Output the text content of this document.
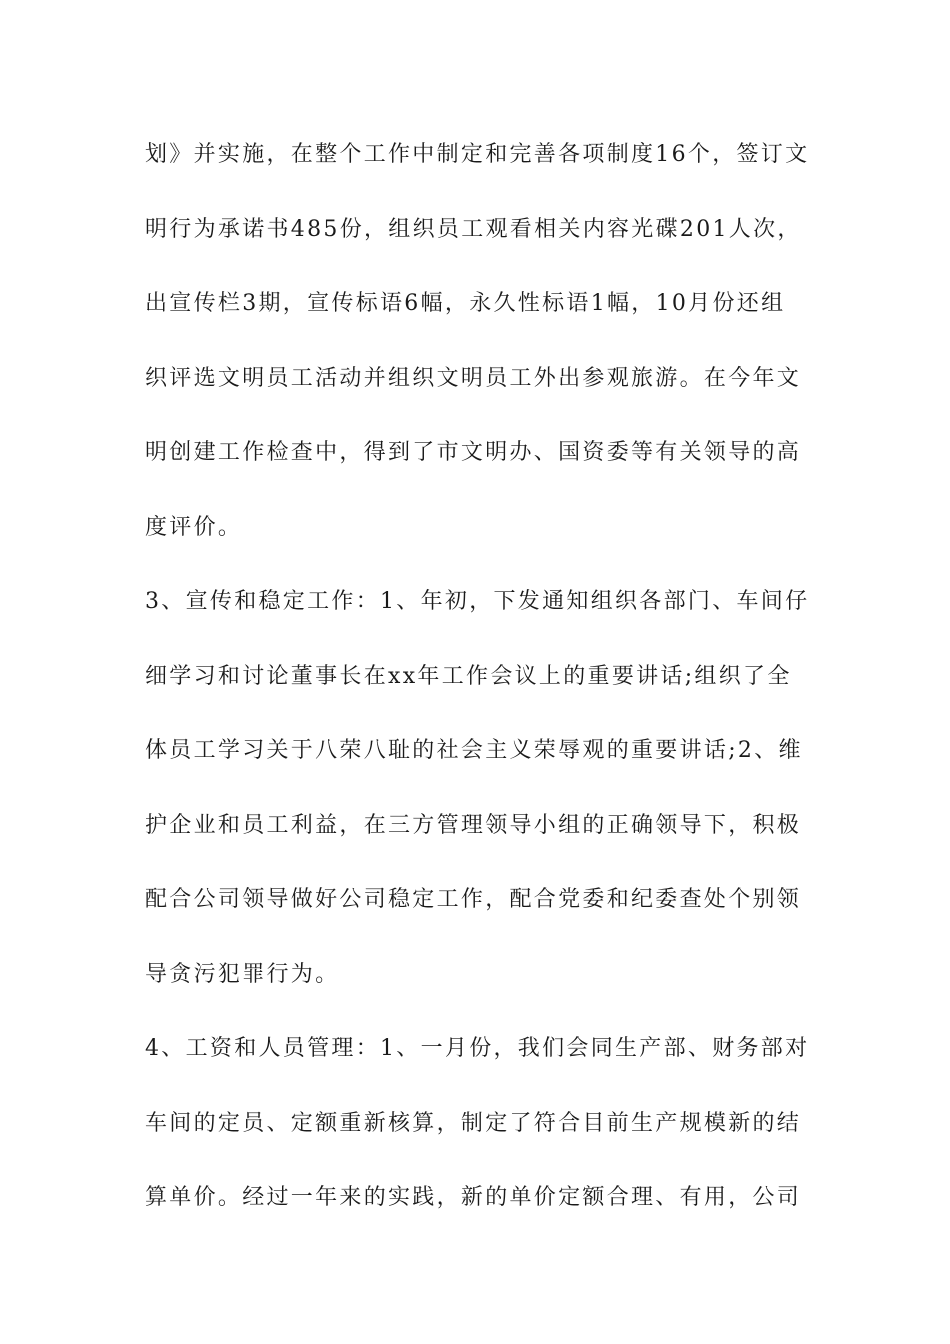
划》并实施，在整个工作中制定和完善各项制度16个，签订文
明行为承诺书485份，组织员工观看相关内容光碟201人次，
出宣传栏3期，宣传标语6幅，永久性标语1幅，10月份还组
织评选文明员工活动并组织文明员工外出参观旅游。在今年文
明创建工作检查中，得到了市文明办、国资委等有关领导的高
度评价。
3、宣传和稳定工作：1、年初，下发通知组织各部门、车间仔
细学习和讨论董事长在xx年工作会议上的重要讲话;组织了全
体员工学习关于八荣八耻的社会主义荣辱观的重要讲话;2、维
护企业和员工利益，在三方管理领导小组的正确领导下，积极
配合公司领导做好公司稳定工作，配合党委和纪委查处个别领
导贪污犯罪行为。
4、工资和人员管理：1、一月份，我们会同生产部、财务部对
车间的定员、定额重新核算，制定了符合目前生产规模新的结
算单价。经过一年来的实践，新的单价定额合理、有用，公司
